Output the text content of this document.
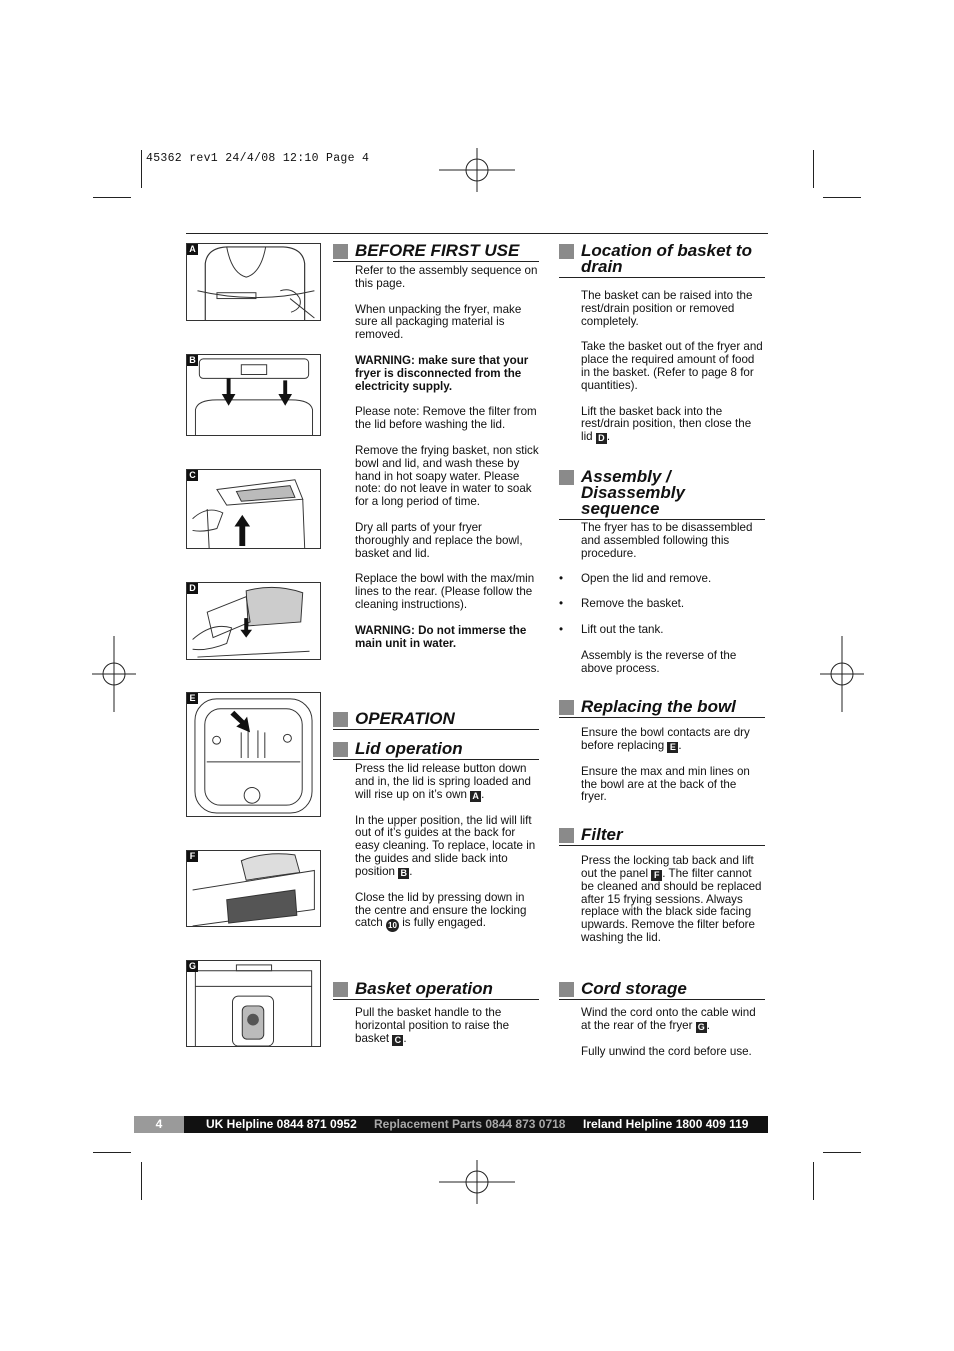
45362 rev1 24/4/08 12:10 Page 4
A
B
C
D
E
F
G
BEFORE FIRST USE
Refer to the assembly sequence on this page.
When unpacking the fryer, make sure all packaging material is removed.
WARNING: make sure that your fryer is disconnected from the electricity supply.
Please note: Remove the filter from the lid before washing the lid.
Remove the frying basket, non stick bowl and lid, and wash these by hand in hot soapy water. Please note: do not leave in water to soak for a long period of time.
Dry all parts of your fryer thoroughly and replace the bowl, basket and lid.
Replace the bowl with the max/min lines to the rear. (Please follow the cleaning instructions).
WARNING: Do not immerse the main unit in water.
OPERATION
Lid operation
Press the lid release button down and in, the lid is spring loaded and will rise up on it’s own A .
In the upper position, the lid will lift out of it’s guides at the back for easy cleaning. To replace, locate in the guides and slide back into position B .
Close the lid by pressing down in the centre and ensure the locking catch 10 is fully engaged.
Basket operation
Pull the basket handle to the horizontal position to raise the basket C .
Location of basket to drain
The basket can be raised into the rest/drain position or removed completely.
Take the basket out of the fryer and place the required amount of food in the basket. (Refer to page 8 for quantities).
Lift the basket back into the rest/drain position, then close the lid D .
Assembly / Disassembly sequence
The fryer has to be disassembled and assembled following this procedure.
• Open the lid and remove.
• Remove the basket.
• Lift out the tank.
Assembly is the reverse of the above process.
Replacing the bowl
Ensure the bowl contacts are dry before replacing E .
Ensure the max and min lines on the bowl are at the back of the fryer.
Filter
Press the locking tab back and lift out the panel F . The filter cannot be cleaned and should be replaced after 15 frying sessions. Always replace with the black side facing upwards. Remove the filter before washing the lid.
Cord storage
Wind the cord onto the cable wind at the rear of the fryer G .
Fully unwind the cord before use.
4	UK Helpline 0844 871 0952 Replacement Parts 0844 873 0718 Ireland Helpline 1800 409 119
